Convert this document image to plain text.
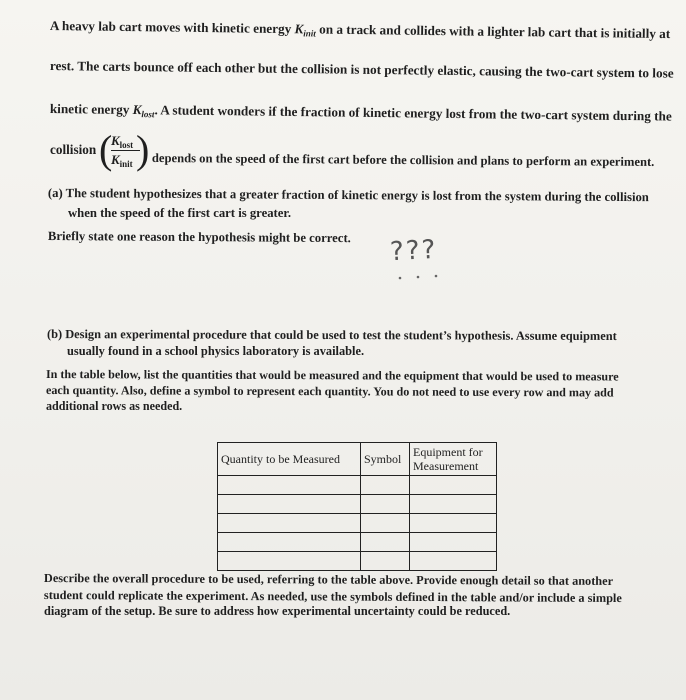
A heavy lab cart moves with kinetic energy $K_{init}$ on a track and collides with a lighter lab cart that is initially at
rest. The carts bounce off each other but the collision is not perfectly elastic, causing the two-cart system to lose
kinetic energy $K_{lost}$. A student wonders if the fraction of kinetic energy lost from the two-cart system during the
collision (
$K_{lost}$
$K_{init}$ ) depends on the speed of the first cart before the collision and plans to perform an experiment.
(a) The student hypothesizes that a greater fraction of kinetic energy is lost from the system during the collision
when the speed of the first cart is greater.
Briefly state one reason the hypothesis might be correct. ???
(b) Design an experimental procedure that could be used to test the student’s hypothesis. Assume equipment
usually found in a school physics laboratory is available.
In the table below, list the quantities that would be measured and the equipment that would be used to measure
each quantity. Also, define a symbol to represent each quantity. You do not need to use every row and may add
additional rows as needed.
Quantity to be Measured	Symbol	Equipment for
Measurement

Describe the overall procedure to be used, referring to the table above. Provide enough detail so that another
student could replicate the experiment. As needed, use the symbols defined in the table and/or include a simple
diagram of the setup. Be sure to address how experimental uncertainty could be reduced.
